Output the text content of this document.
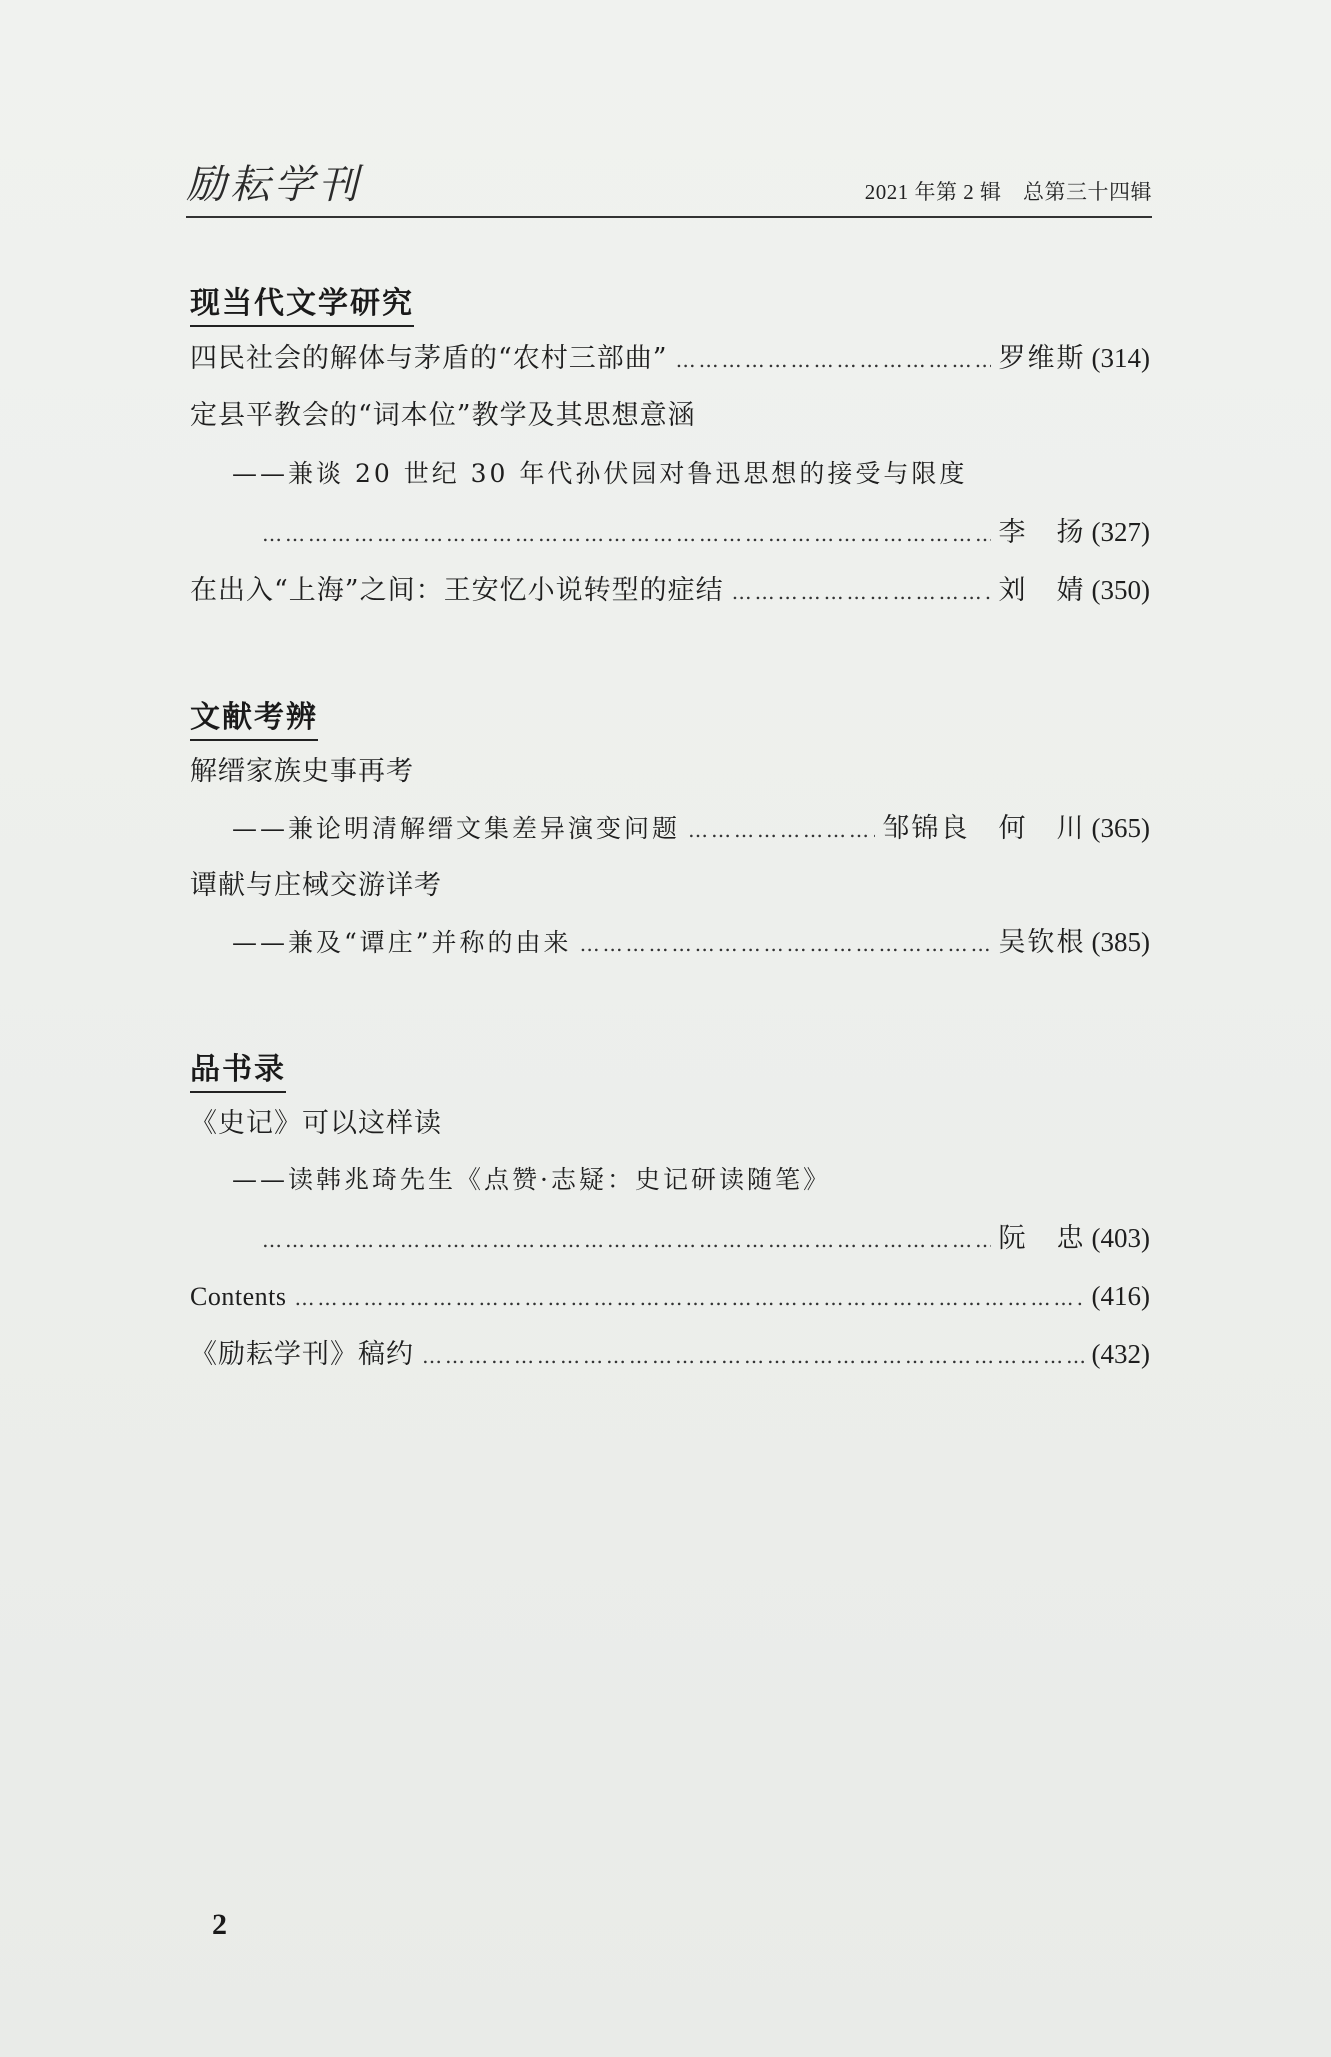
励耘学刊	2021 年第 2 辑　总第三十四辑
现当代文学研究
四民社会的解体与茅盾的“农村三部曲” ……………………………………………………………………………………………………………………………………………………………………	罗维斯 (314)
定县平教会的“词本位”教学及其思想意涵
——兼谈 20 世纪 30 年代孙伏园对鲁迅思想的接受与限度
……………………………………………………………………………………………………………………………………………………………………
李　扬 (327)
在出入“上海”之间：王安忆小说转型的症结 ……………………………………………………………………………………………………………………………………………………………………	刘　婧 (350)
文献考辨
解缙家族史事再考
——兼论明清解缙文集差异演变问题 ……………………………………………………………………………………………………………………………………………………………………	邹锦良　何　川 (365)
谭献与庄棫交游详考
——兼及“谭庄”并称的由来 ……………………………………………………………………………………………………………………………………………………………………	吴钦根 (385)
品书录
《史记》可以这样读
——读韩兆琦先生《点赞·志疑：史记研读随笔》
……………………………………………………………………………………………………………………………………………………………………
阮　忠 (403)
Contents ……………………………………………………………………………………………………………………………………………………………………	(416)
《励耘学刊》稿约 ……………………………………………………………………………………………………………………………………………………………………	(432)
2
